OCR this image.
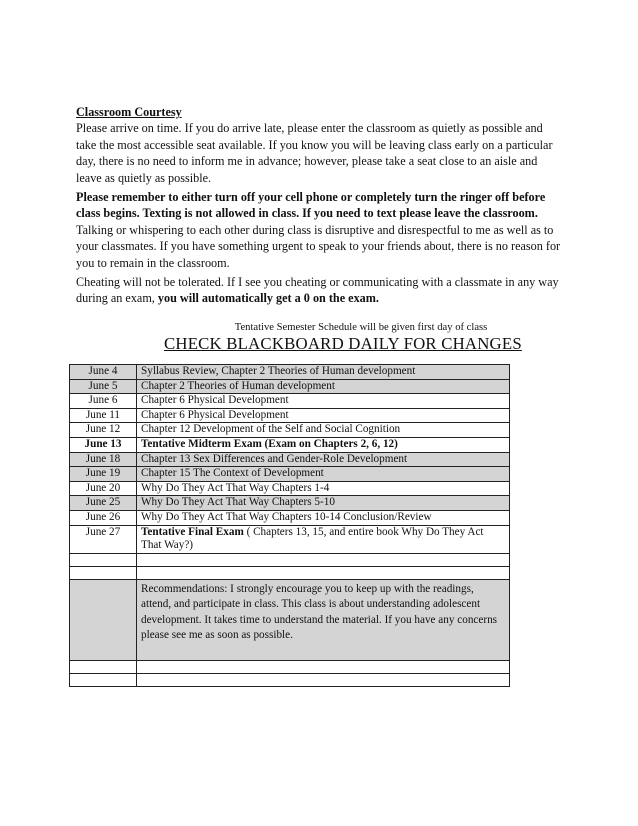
Classroom Courtesy
Please arrive on time. If you do arrive late, please enter the classroom as quietly as possible and take the most accessible seat available. If you know you will be leaving class early on a particular day, there is no need to inform me in advance; however, please take a seat close to an aisle and leave as quietly as possible.
Please remember to either turn off your cell phone or completely turn the ringer off before class begins. Texting is not allowed in class. If you need to text please leave the classroom. Talking or whispering to each other during class is disruptive and disrespectful to me as well as to your classmates. If you have something urgent to speak to your friends about, there is no reason for you to remain in the classroom.
Cheating will not be tolerated. If I see you cheating or communicating with a classmate in any way during an exam, you will automatically get a 0 on the exam.
Tentative Semester Schedule will be given first day of class
CHECK BLACKBOARD DAILY FOR CHANGES
June 4	Syllabus Review, Chapter 2 Theories of Human development
June 5	Chapter 2 Theories of Human development
June 6	Chapter 6 Physical Development
June 11	Chapter 6 Physical Development
June 12	Chapter 12 Development of the Self and Social Cognition
June 13	Tentative Midterm Exam (Exam on Chapters 2, 6, 12)
June 18	Chapter 13 Sex Differences and Gender-Role Development
June 19	Chapter 15 The Context of Development
June 20	Why Do They Act That Way Chapters 1-4
June 25	Why Do They Act That Way Chapters 5-10
June 26	Why Do They Act That Way Chapters 10-14 Conclusion/Review
June 27	Tentative Final Exam ( Chapters 13, 15, and entire book Why Do They Act That Way?)

	Recommendations: I strongly encourage you to keep up with the readings, attend, and participate in class. This class is about understanding adolescent development. It takes time to understand the material. If you have any concerns please see me as soon as possible.
